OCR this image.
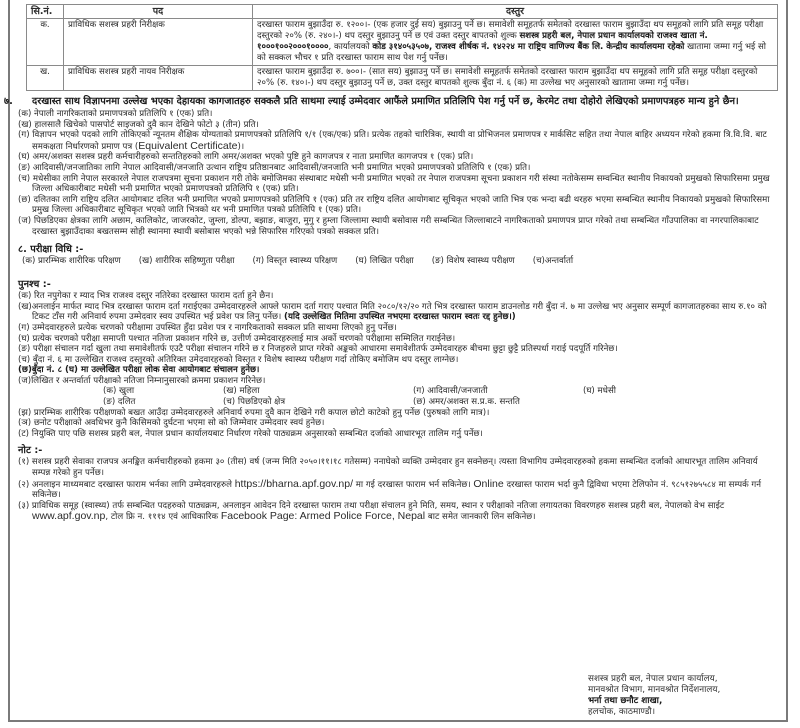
सि.नं.	पद	दस्तुर
क.	प्राविधिक सशस्त्र प्रहरी निरीक्षक	दरखास्त फाराम बुझाउँदा रु. १२००।- (एक हजार दुई सय) बुझाउनु पर्ने छ। समावेशी समूहतर्फ समेतको दरखास्त फाराम बुझाउँदा थप समूहको लागि प्रति समूह परीक्षा दस्तुरको २०% (रु. २४०।-) थप दस्तुर बुझाउनु पर्ने छ एवं उक्त दस्तुर बापतको शुल्क सशस्त्र प्रहरी बल, नेपाल प्रधान कार्यालयको राजश्व खाता नं. १०००१००२०००१००००, कार्यालयको कोड ३१४०५३५०७, राजश्व शीर्षक नं. १४२२४ मा राष्ट्रिय वाणिज्य बैंक लि. केन्द्रीय कार्यालयमा रहेको खातामा जम्मा गर्नु भई सो को सक्कल भौचर १ प्रति दरखास्त फाराम साथ पेश गर्नु पर्नेछ।
ख.	प्राविधिक सशस्त्र प्रहरी नायव निरीक्षक	दरखास्त फाराम बुझाउँदा रु. ७००।- (सात सय) बुझाउनु पर्ने छ। समावेशी समूहतर्फ समेतको दरखास्त फाराम बुझाउँदा थप समूहको लागि प्रति समूह परीक्षा दस्तुरको २०% (रु. १४०।-) थप दस्तुर बुझाउनु पर्ने छ, उक्त दस्तुर बापतको शुल्क बुँदा नं. ६ (क) मा उल्लेख भए अनुसारको खातामा जम्मा गर्नु पर्नेछ।
७. दरखास्त साथ विज्ञापनमा उल्लेख भएका देहायका कागजातहरु सक्कलै प्रति साथमा ल्याई उम्मेदवार आफैंले प्रमाणित प्रतिलिपि पेश गर्नु पर्ने छ, केरमेट तथा दोहोरो लेखिएको प्रमाणपत्रहरु मान्य हुने छैन।
(क) नेपाली नागरिकताको प्रमाणपत्रको प्रतिलिपि १ (एक) प्रति।
(ख) हालसालै खिचेको पासपोर्ट साइजको दुवै कान देखिने फोटो ३ (तीन) प्रति।
(ग) विज्ञापन भएको पदको लागि तोकिएको न्यूनतम शैक्षिक योग्यताको प्रमाणपत्रको प्रतिलिपि १/१ (एक/एक) प्रति। प्रत्येक तहको चारित्रिक, स्थायी वा प्रोभिजनल प्रमाणपत्र र मार्कसिट सहित तथा नेपाल बाहिर अध्ययन गरेको हकमा त्रि.वि.वि. बाट समकक्षता निर्धारणको प्रमाण पत्र (Equivalent Certificate)।
(घ) अमर/अशक्त सशस्त्र प्रहरी कर्मचारीहरुको सन्ततिहरुको लागि अमर/अशक्त भएको पुष्टि हुने कागजपत्र र नाता प्रमाणित कागजपत्र १ (एक) प्रति।
(ङ) आदिवासी/जनजातिका लागि नेपाल आदिवासी/जनजाति उत्थान राष्ट्रिय प्रतिष्ठानबाट आदिवासी/जनजाति भनी प्रमाणित भएको प्रमाणपत्रको प्रतिलिपि १ (एक) प्रति।
(च) मधेसीका लागि नेपाल सरकारले नेपाल राजपत्रमा सूचना प्रकाशन गरी तोके बमोजिमका संस्थाबाट मधेसी भनी प्रमाणित भएको तर नेपाल राजपत्रमा सूचना प्रकाशन गरी संस्था नतोकेसम्म सम्वन्धित स्थानीय निकायको प्रमुखको सिफारिसमा प्रमुख जिल्ला अधिकारीबाट मधेसी भनी प्रमाणित भएको प्रमाणपत्रको प्रतिलिपि १ (एक) प्रति।
(छ) दलितका लागि राष्ट्रिय दलित आयोगबाट दलित भनी प्रमाणित भएको प्रमाणपत्रको प्रतिलिपि १ (एक) प्रति तर राष्ट्रिय दलित आयोगबाट सूचिकृत भएको जाति भित्र एक भन्दा बढी थरहरु भएमा सम्बन्धित स्थानीय निकायको प्रमुखको सिफारिसमा प्रमुख जिल्ला अधिकारीबाट सूचिकृत भएको जाति भित्रको थर भनी प्रमाणित पत्रको प्रतिलिपि १ (एक) प्रति।
(ज) पिछडिएका क्षेत्रका लागि अछाम, कालिकोट, जाजरकोट, जुम्ला, डोल्पा, बझाङ, बाजुरा, मुगु र हुम्ला जिल्लामा स्थायी बसोवास गरी सम्बन्धित जिल्लाबाटने नागरिकताको प्रमाणपत्र प्राप्त गरेको तथा सम्बन्धित गाँउपालिका वा नगरपालिकाबाट दरखास्त बुझाउँदाका बखतसम्म सोही स्थानमा स्थायी बसोबास भएको भन्ने सिफारिस गरिएको पत्रको सक्कल प्रति।
८. परीक्षा विधि :-
(क) प्रारम्भिक शारीरिक परिक्षण (ख) शारीरिक सहिष्णुता परीक्षा (ग) विस्तृत स्वास्थ्य परिक्षण (घ) लिखित परीक्षा (ङ) विशेष स्वास्थ्य परीक्षण (च)अन्तर्वार्ता
पुनश्च :-
(क) रित नपुगेका र म्याद भित्र राजश्व दस्तुर नतिरेका दरखास्त फाराम दर्ता हुने छैन।
(ख)अनलाईन मार्फत म्याद भित्र दरखास्त फाराम दर्ता गराईएका उम्मेदवारहरुले आफ्ले फाराम दर्ता गराए पश्चात मिति २०८०/१२/२० गते भित्र दरखास्त फाराम डाउनलोड गरी बुँदा नं. ७ मा उल्लेख भए अनुसार सम्पूर्ण कागजातहरुका साथ रु.१० को टिकट टाँस गरी अनिवार्य रुपमा उम्मेदवार स्वय उपस्थित भई प्रवेश पत्र लिनु पर्नेछ। (यदि उल्लेखित मितिमा उपस्थित नभएमा दरखास्त फाराम स्वतः रद्द हुनेछ।)
(ग) उम्मेदवारहरुले प्रत्येक चरणको परीक्षामा उपस्थित हुँदा प्रवेश पत्र र नागरिकताको सक्कल प्रति साथमा लिएको हुनु पर्नेछ।
(घ) प्रत्येक चरणको परीक्षा समाप्ती पश्चात नतिजा प्रकाशन गरिने छ, उत्तीर्ण उम्मेदवारहरुलाई मात्र अर्को चरणको परीक्षामा सम्मिलित गराईनेछ।
(ङ) परीक्षा संचालन गर्दा खुला तथा समावेशीतर्फ एउटै परीक्षा संचालन गरिने छ र निजहरुले प्राप्त गरेको अङ्कको आधारमा समावेशीतर्फ उम्मेदवारहरु बीचमा छुट्टा छुट्टै प्रतिस्पर्धा गराई पदपूर्ति गरिनेछ।
(च) बुँदा नं. ६ मा उल्लेखित राजश्व दस्तुरको अतिरिक्त उमेदवारहरुको विस्तृत र विशेष स्वास्थ्य परीक्षण गर्दा तोकिए बमोजिम थप दस्तुर लाग्नेछ।
(छ)बुँदा नं. ८ (घ) मा उल्लेखित परीक्षा लोक सेवा आयोगबाट संचालन हुनेछ।
(ज)लिखित र अन्तर्वार्ता परीक्षाको नतिजा निम्नानुसारको क्रममा प्रकाशन गरिनेछ।
(क) खुला	(ख) महिला	(ग) आदिवासी/जनजाती	(घ) मधेसी
(ङ) दलित	(च) पिछडिएको क्षेत्र	(छ) अमर/अशक्त स.प्र.क. सन्तति
(झ) प्रारम्भिक शारीरिक परीक्षणको बखत आउँदा उम्मेदवारहरुले अनिवार्य रुपमा दुवै कान देखिने गरी कपाल छोटो काटेको हुनु पर्नेछ (पुरुषको लागि मात्र)।
(ञ) छनोट परीक्षाको अवधिभर कुनै किसिमको दुर्घटना भएमा सो को जिम्मेवार उम्मेदवार स्वयं हुनेछ।
(ट) नियुक्ति पाए पछि सशस्त्र प्रहरी बल, नेपाल प्रधान कार्यालयबाट निर्धारण गरेको पाठ्यक्रम अनुसारको सम्बन्धित दर्जाको आधारभूत तालिम गर्नु पर्नेछ।
नोट :-
(१) सशस्त्र प्रहरी सेवाका राजपत्र अनङ्कित कर्मचारीहरुको हकमा ३० (तीस) वर्ष (जन्म मिति २०५०।११।१८ गतेसम्म) ननाघेको व्यक्ति उम्मेदवार हुन सक्नेछन्। त्यस्ता विभागिय उम्मेदवारहरुको हकमा सम्बन्धित दर्जाको आधारभूत तालिम अनिवार्य सम्पन्न गरेको हुन पर्नेछ।
(२) अनलाइन माध्यमबाट दरखास्त फाराम भर्नका लागि उम्मेदवारहरुले https://bharna.apf.gov.np/ मा गई दरखास्त फाराम भर्न सकिनेछ। Online दरखास्त फाराम भर्दा कुनै द्विविधा भएमा टेलिफोन नं. ९८५१२७५५८४ मा सम्पर्क गर्न सकिनेछ।
(३) प्राविधिक समूह (स्वास्थ्य) तर्फ सम्बन्धित पदहरुको पाठ्यक्रम, अनलाइन आवेदन दिने दरखास्त फाराम तथा परीक्षा संचालन हुने मिति, समय, स्थान र परीक्षाको नतिजा लगायतका विवरणहरु सशस्त्र प्रहरी बल, नेपालको वेभ साईट www.apf.gov.np, टोल फ्रि न. १११४ एवं आधिकारिक Facebook Page: Armed Police Force, Nepal बाट समेत जानकारी लिन सकिनेछ।
सशस्त्र प्रहरी बल, नेपाल प्रधान कार्यालय,
मानवश्रोत विभाग, मानवश्रोत निर्देशनालय,
भर्ना तथा छनौट शाखा,
हलचोक, काठमाण्डौ।
